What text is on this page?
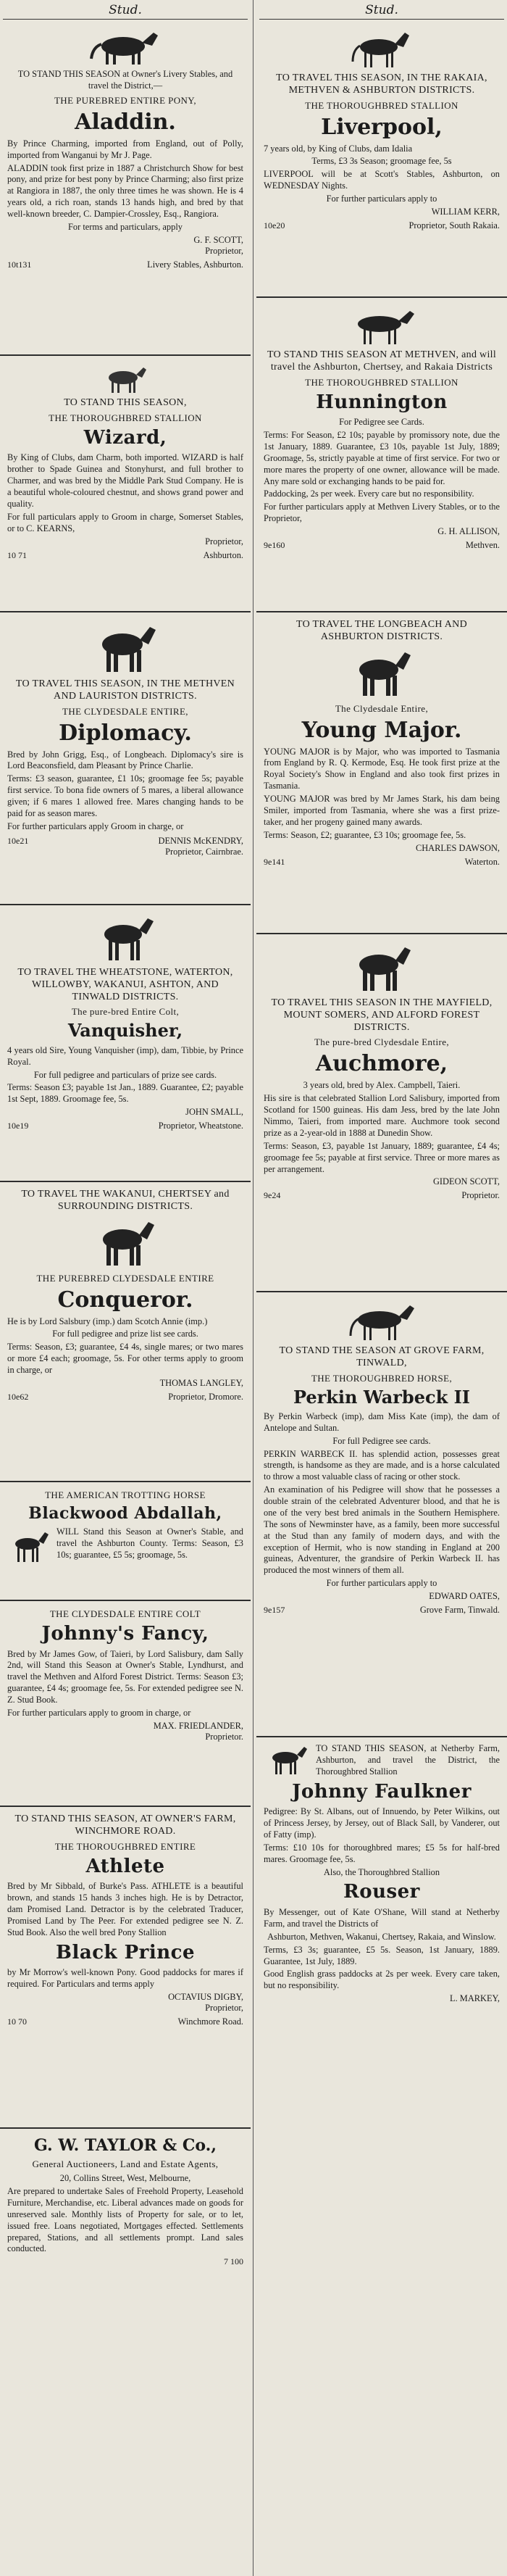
Stud.

TO STAND THIS SEASON at Owner's Livery Stables, and travel the District,—

THE PUREBRED ENTIRE PONY,
Aladdin.

By Prince Charming, imported from England, out of Polly, imported from Wanganui by Mr J. Page.

ALADDIN took first prize in 1887 a Christchurch Show for best pony, and prize for best pony by Prince Charming; also first prize at Rangiora in 1887, the only three times he was shown. He is 4 years old, a rich roan, stands 13 hands high, and bred by that well-known breeder, C. Dampier-Crossley, Esq., Rangiora.

For terms and particulars, apply

G. F. SCOTT,
Proprietor,
10t131	Livery Stables, Ashburton.
TO STAND THIS SEASON,
THE THOROUGHBRED STALLION
Wizard,

By King of Clubs, dam Charm, both imported. WIZARD is half brother to Spade Guinea and Stonyhurst, and full brother to Charmer, and was bred by the Middle Park Stud Company. He is a beautiful whole-coloured chestnut, and shows grand power and quality.

For full particulars apply to Groom in charge, Somerset Stables, or to C. KEARNS,

Proprietor,
10 71	Ashburton.
TO TRAVEL THIS SEASON, IN THE METHVEN AND LAURISTON DISTRICTS.
THE CLYDESDALE ENTIRE,
Diplomacy.

Bred by John Grigg, Esq., of Longbeach. Diplomacy's sire is Lord Beaconsfield, dam Pleasant by Prince Charlie.

Terms: £3 season, guarantee, £1 10s; groomage fee 5s; payable first service. To bona fide owners of 5 mares, a liberal allowance given; if 6 mares 1 allowed free. Mares changing hands to be paid for as season mares.

For further particulars apply Groom in charge, or

10e21	DENNIS McKENDRY,
Proprietor, Cairnbrae.
TO TRAVEL THE WHEATSTONE, WATERTON, WILLOWBY, WAKANUI, ASHTON, AND TINWALD DISTRICTS.
The pure-bred Entire Colt,
Vanquisher,

4 years old Sire, Young Vanquisher (imp), dam, Tibbie, by Prince Royal.

For full pedigree and particulars of prize see cards.

Terms: Season £3; payable 1st Jan., 1889. Guarantee, £2; payable 1st Sept, 1889. Groomage fee, 5s.

JOHN SMALL,
10e19	Proprietor, Wheatstone.
TO TRAVEL THE WAKANUI, CHERTSEY and SURROUNDING DISTRICTS.
THE PUREBRED CLYDESDALE ENTIRE
Conqueror.

He is by Lord Salsbury (imp.) dam Scotch Annie (imp.)

For full pedigree and prize list see cards.

Terms: Season, £3; guarantee, £4 4s, single mares; or two mares or more £4 each; groomage, 5s. For other terms apply to groom in charge, or

THOMAS LANGLEY,
10e62	Proprietor, Dromore.
THE AMERICAN TROTTING HORSE
Blackwood Abdallah,

WILL Stand this Season at Owner's Stable, and travel the Ashburton County. Terms: Season, £3 10s; guarantee, £5 5s; groomage, 5s.

THE CLYDESDALE ENTIRE COLT
Johnny's Fancy,

Bred by Mr James Gow, of Taieri, by Lord Salisbury, dam Sally 2nd, will Stand this Season at Owner's Stable, Lyndhurst, and travel the Methven and Alford Forest District. Terms: Season £3; guarantee, £4 4s; groomage fee, 5s. For extended pedigree see N. Z. Stud Book.

For further particulars apply to groom in charge, or

MAX. FRIEDLANDER,
Proprietor.
TO STAND THIS SEASON, AT OWNER'S FARM, WINCHMORE ROAD.
THE THOROUGHBRED ENTIRE
Athlete

Bred by Mr Sibbald, of Burke's Pass. ATHLETE is a beautiful brown, and stands 15 hands 3 inches high. He is by Detractor, dam Promised Land. Detractor is by the celebrated Traducer, Promised Land by The Peer. For extended pedigree see N. Z. Stud Book. Also the well bred Pony Stallion

Black Prince

by Mr Morrow's well-known Pony. Good paddocks for mares if required. For Particulars and terms apply

OCTAVIUS DIGBY,
Proprietor,
10 70	Winchmore Road.
G. W. TAYLOR & Co.,
General Auctioneers, Land and Estate Agents,

20, Collins Street, West, Melbourne,

Are prepared to undertake Sales of Freehold Property, Leasehold Furniture, Merchandise, etc. Liberal advances made on goods for unreserved sale. Monthly lists of Property for sale, or to let, issued free. Loans negotiated, Mortgages effected. Settlements prepared, Stations, and all settlements prompt. Land sales conducted.

7 100
Stud.
TO TRAVEL THIS SEASON, IN THE RAKAIA, METHVEN & ASHBURTON DISTRICTS.
THE THOROUGHBRED STALLION
Liverpool,

7 years old, by King of Clubs, dam Idalia

Terms, £3 3s Season; groomage fee, 5s

LIVERPOOL will be at Scott's Stables, Ashburton, on WEDNESDAY Nights.

For further particulars apply to

WILLIAM KERR,
10e20	Proprietor, South Rakaia.
TO STAND THIS SEASON AT METHVEN, and will travel the Ashburton, Chertsey, and Rakaia Districts
THE THOROUGHBRED STALLION
Hunnington

For Pedigree see Cards.

Terms: For Season, £2 10s; payable by promissory note, due the 1st January, 1889. Guarantee, £3 10s, payable 1st July, 1889; Groomage, 5s, strictly payable at time of first service. For two or more mares the property of one owner, allowance will be made. Any mare sold or exchanging hands to be paid for.

Paddocking, 2s per week. Every care but no responsibility.

For further particulars apply at Methven Livery Stables, or to the Proprietor,

G. H. ALLISON,
9e160	Methven.
TO TRAVEL THE LONGBEACH AND ASHBURTON DISTRICTS.
The Clydesdale Entire,
Young Major.

YOUNG MAJOR is by Major, who was imported to Tasmania from England by R. Q. Kermode, Esq. He took first prize at the Royal Society's Show in England and also took first prizes in Tasmania.

YOUNG MAJOR was bred by Mr James Stark, his dam being Smiler, imported from Tasmania, where she was a first prize-taker, and her progeny gained many awards.

Terms: Season, £2; guarantee, £3 10s; groomage fee, 5s.

CHARLES DAWSON,
9e141	Waterton.
TO TRAVEL THIS SEASON IN THE MAYFIELD, MOUNT SOMERS, AND ALFORD FOREST DISTRICTS.
The pure-bred Clydesdale Entire,
Auchmore,

3 years old, bred by Alex. Campbell, Taieri.

His sire is that celebrated Stallion Lord Salisbury, imported from Scotland for 1500 guineas. His dam Jess, bred by the late John Nimmo, Taieri, from imported mare. Auchmore took second prize as a 2-year-old in 1888 at Dunedin Show.

Terms: Season, £3, payable 1st January, 1889; guarantee, £4 4s; groomage fee 5s; payable at first service. Three or more mares as per arrangement.

GIDEON SCOTT,
9e24	Proprietor.
TO STAND THE SEASON AT GROVE FARM, TINWALD,
THE THOROUGHBRED HORSE,
Perkin Warbeck II

By Perkin Warbeck (imp), dam Miss Kate (imp), the dam of Antelope and Sultan.

For full Pedigree see cards.

PERKIN WARBECK II. has splendid action, possesses great strength, is handsome as they are made, and is a horse calculated to throw a most valuable class of racing or other stock.

An examination of his Pedigree will show that he possesses a double strain of the celebrated Adventurer blood, and that he is one of the very best bred animals in the Southern Hemisphere. The sons of Newminster have, as a family, been more successful at the Stud than any family of modern days, and with the exception of Hermit, who is now standing in England at 200 guineas, Adventurer, the grandsire of Perkin Warbeck II. has produced the most winners of them all.

For further particulars apply to

EDWARD OATES,
9e157	Grove Farm, Tinwald.

TO STAND THIS SEASON, at Netherby Farm, Ashburton, and travel the District, the Thoroughbred Stallion

Johnny Faulkner

Pedigree: By St. Albans, out of Innuendo, by Peter Wilkins, out of Princess Jersey, by Jersey, out of Black Sall, by Vanderer, out of Fatty (imp).

Terms: £10 10s for thoroughbred mares; £5 5s for half-bred mares. Groomage fee, 5s.

Also, the Thoroughbred Stallion

Rouser

By Messenger, out of Kate O'Shane, Will stand at Netherby Farm, and travel the Districts of

Ashburton, Methven, Wakanui, Chertsey, Rakaia, and Winslow.

Terms, £3 3s; guarantee, £5 5s. Season, 1st January, 1889. Guarantee, 1st July, 1889.

Good English grass paddocks at 2s per week. Every care taken, but no responsibility.

L. MARKEY,
